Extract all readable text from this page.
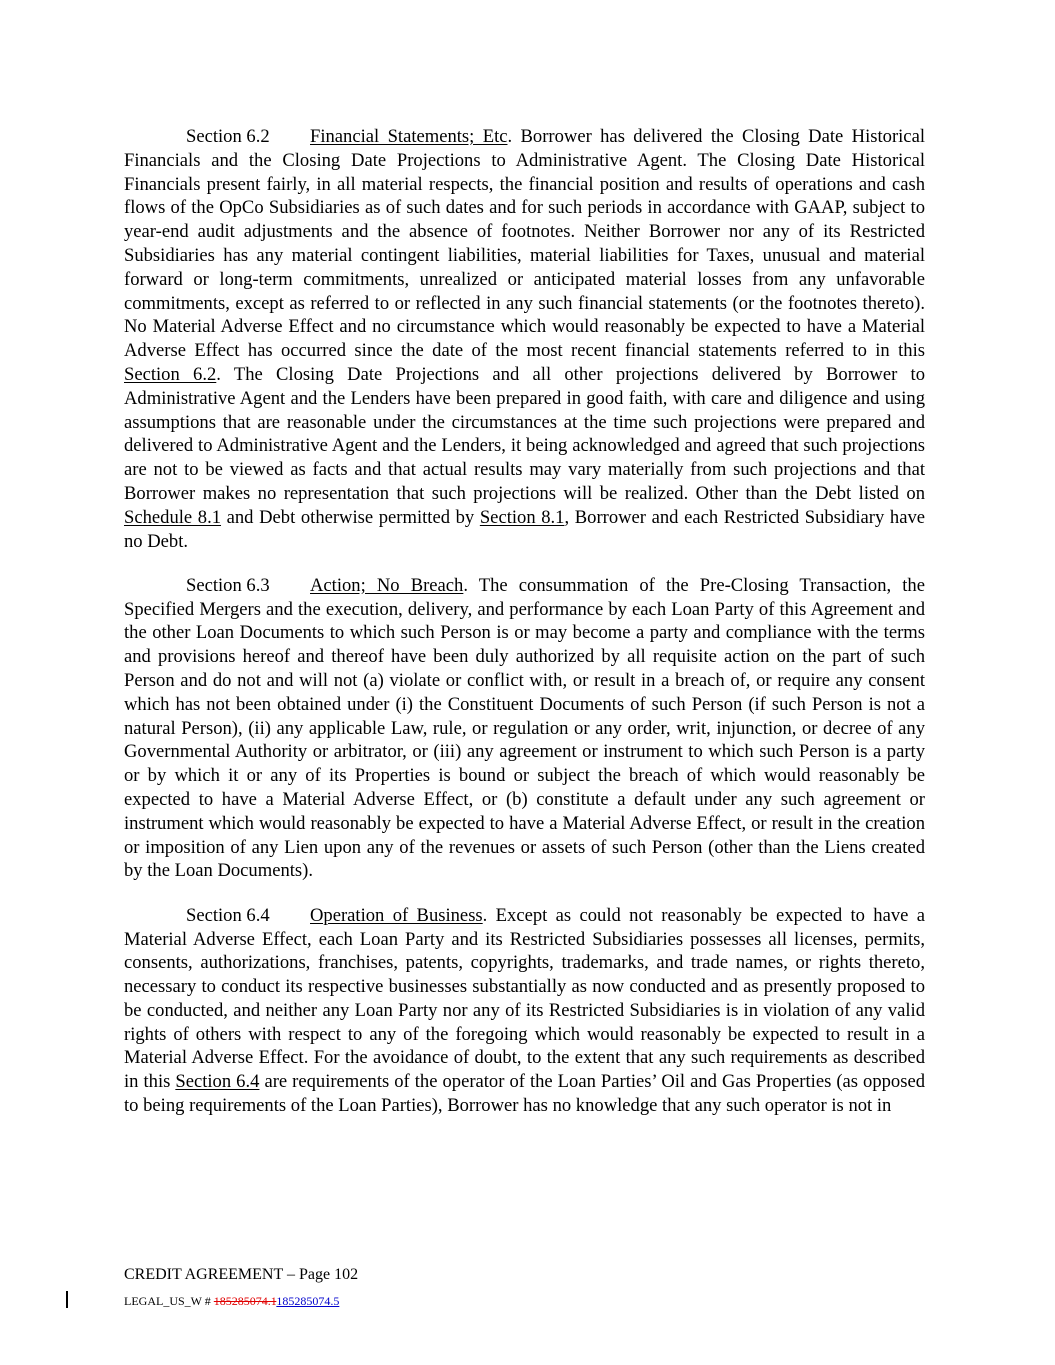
Section 6.2 Financial Statements; Etc. Borrower has delivered the Closing Date Historical Financials and the Closing Date Projections to Administrative Agent. The Closing Date Historical Financials present fairly, in all material respects, the financial position and results of operations and cash flows of the OpCo Subsidiaries as of such dates and for such periods in accordance with GAAP, subject to year-end audit adjustments and the absence of footnotes. Neither Borrower nor any of its Restricted Subsidiaries has any material contingent liabilities, material liabilities for Taxes, unusual and material forward or long-term commitments, unrealized or anticipated material losses from any unfavorable commitments, except as referred to or reflected in any such financial statements (or the footnotes thereto). No Material Adverse Effect and no circumstance which would reasonably be expected to have a Material Adverse Effect has occurred since the date of the most recent financial statements referred to in this Section 6.2. The Closing Date Projections and all other projections delivered by Borrower to Administrative Agent and the Lenders have been prepared in good faith, with care and diligence and using assumptions that are reasonable under the circumstances at the time such projections were prepared and delivered to Administrative Agent and the Lenders, it being acknowledged and agreed that such projections are not to be viewed as facts and that actual results may vary materially from such projections and that Borrower makes no representation that such projections will be realized. Other than the Debt listed on Schedule 8.1 and Debt otherwise permitted by Section 8.1, Borrower and each Restricted Subsidiary have no Debt.

Section 6.3 Action; No Breach. The consummation of the Pre-Closing Transaction, the Specified Mergers and the execution, delivery, and performance by each Loan Party of this Agreement and the other Loan Documents to which such Person is or may become a party and compliance with the terms and provisions hereof and thereof have been duly authorized by all requisite action on the part of such Person and do not and will not (a) violate or conflict with, or result in a breach of, or require any consent which has not been obtained under (i) the Constituent Documents of such Person (if such Person is not a natural Person), (ii) any applicable Law, rule, or regulation or any order, writ, injunction, or decree of any Governmental Authority or arbitrator, or (iii) any agreement or instrument to which such Person is a party or by which it or any of its Properties is bound or subject the breach of which would reasonably be expected to have a Material Adverse Effect, or (b) constitute a default under any such agreement or instrument which would reasonably be expected to have a Material Adverse Effect, or result in the creation or imposition of any Lien upon any of the revenues or assets of such Person (other than the Liens created by the Loan Documents).

Section 6.4 Operation of Business. Except as could not reasonably be expected to have a Material Adverse Effect, each Loan Party and its Restricted Subsidiaries possesses all licenses, permits, consents, authorizations, franchises, patents, copyrights, trademarks, and trade names, or rights thereto, necessary to conduct its respective businesses substantially as now conducted and as presently proposed to be conducted, and neither any Loan Party nor any of its Restricted Subsidiaries is in violation of any valid rights of others with respect to any of the foregoing which would reasonably be expected to result in a Material Adverse Effect. For the avoidance of doubt, to the extent that any such requirements as described in this Section 6.4 are requirements of the operator of the Loan Parties’ Oil and Gas Properties (as opposed to being requirements of the Loan Parties), Borrower has no knowledge that any such operator is not in

CREDIT AGREEMENT – Page 102
LEGAL_US_W # 185285074.1185285074.5
